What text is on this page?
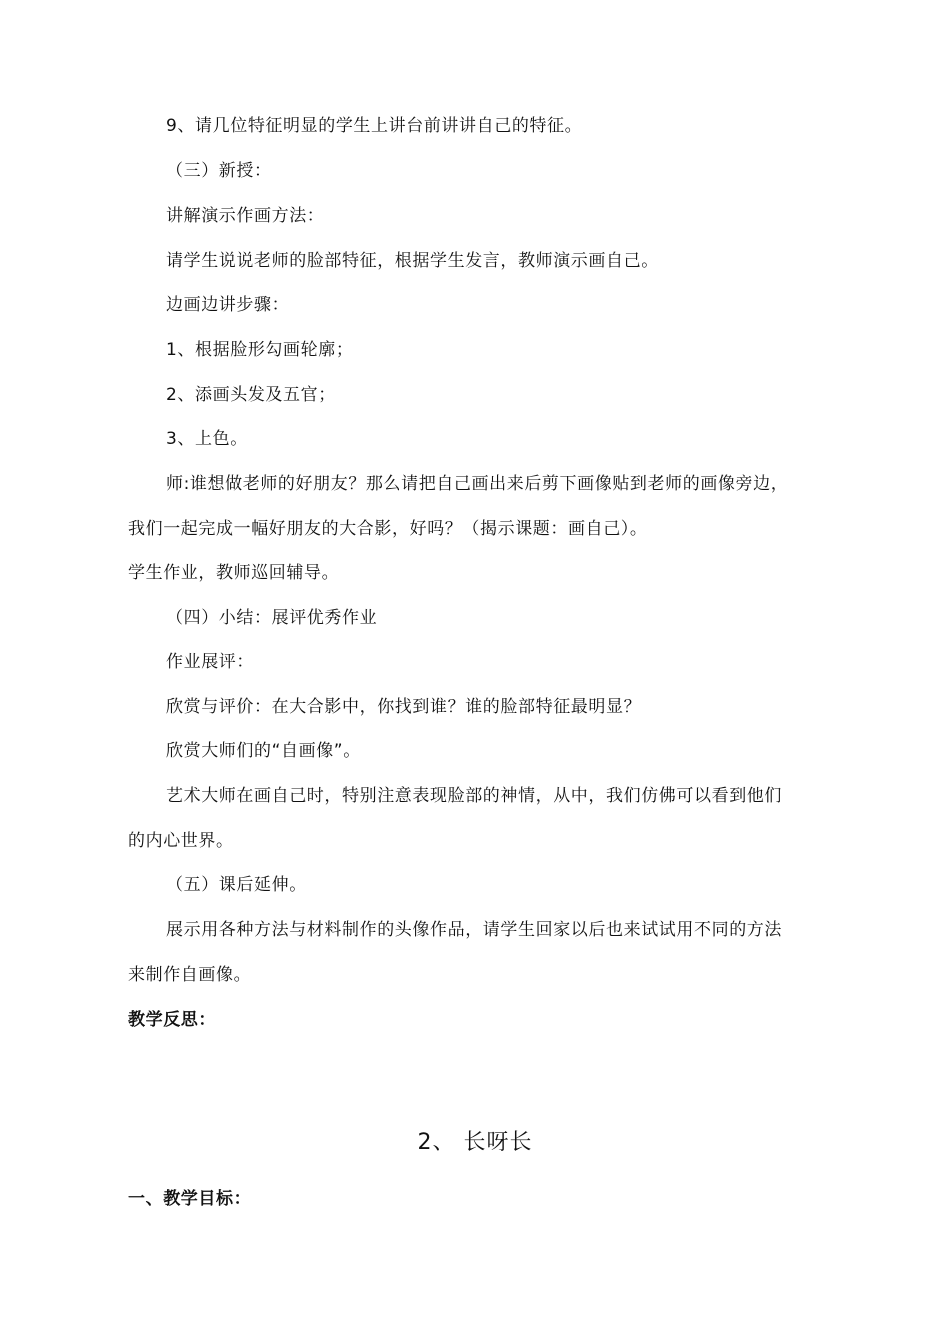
9、请几位特征明显的学生上讲台前讲讲自己的特征。
（三）新授：
讲解演示作画方法：
请学生说说老师的脸部特征，根据学生发言，教师演示画自己。
边画边讲步骤：
1、根据脸形勾画轮廓；
2、添画头发及五官；
3、上色。
师:谁想做老师的好朋友？那么请把自己画出来后剪下画像贴到老师的画像旁边，
我们一起完成一幅好朋友的大合影，好吗？（揭示课题：画自己）。
学生作业，教师巡回辅导。
（四）小结：展评优秀作业
作业展评：
欣赏与评价：在大合影中，你找到谁？谁的脸部特征最明显？
欣赏大师们的“自画像”。
艺术大师在画自己时，特别注意表现脸部的神情，从中，我们仿佛可以看到他们
的内心世界。
（五）课后延伸。
展示用各种方法与材料制作的头像作品，请学生回家以后也来试试用不同的方法
来制作自画像。
教学反思：
2、 长呀长
一、教学目标：
